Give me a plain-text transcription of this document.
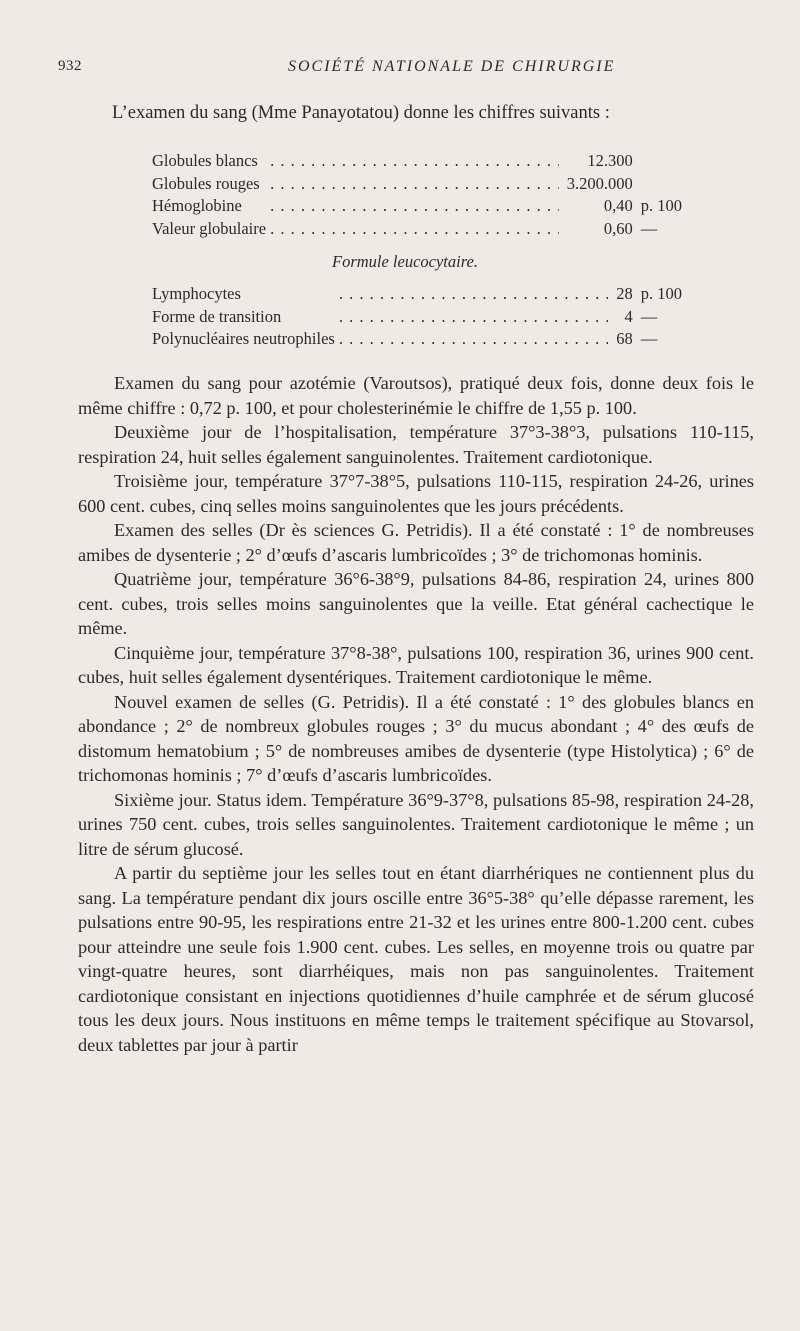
932	SOCIÉTÉ NATIONALE DE CHIRURGIE
L’examen du sang (Mme Panayotatou) donne les chiffres suivants :
Globules blancs	. . .	12.300	
Globules rouges	. . .	3.200.000	
Hémoglobine	. . .	0,40	p. 100
Valeur globulaire	. . .	0,60	—
Formule leucocytaire.
Lymphocytes	. . .	28	p. 100
Forme de transition	. . .	4	—
Polynucléaires neutrophiles	. . .	68	—

Examen du sang pour azotémie (Varoutsos), pratiqué deux fois, donne deux fois le même chiffre : 0,72 p. 100, et pour cholesterinémie le chiffre de 1,55 p. 100.

Deuxième jour de l’hospitalisation, température 37°3-38°3, pulsations 110-115, respiration 24, huit selles également sanguinolentes. Traitement cardiotonique.

Troisième jour, température 37°7-38°5, pulsations 110-115, respiration 24-26, urines 600 cent. cubes, cinq selles moins sanguinolentes que les jours précédents.

Examen des selles (Dr ès sciences G. Petridis). Il a été constaté : 1° de nombreuses amibes de dysenterie ; 2° d’œufs d’ascaris lumbricoïdes ; 3° de trichomonas hominis.

Quatrième jour, température 36°6-38°9, pulsations 84-86, respiration 24, urines 800 cent. cubes, trois selles moins sanguinolentes que la veille. Etat général cachectique le même.

Cinquième jour, température 37°8-38°, pulsations 100, respiration 36, urines 900 cent. cubes, huit selles également dysentériques. Traitement cardiotonique le même.

Nouvel examen de selles (G. Petridis). Il a été constaté : 1° des globules blancs en abondance ; 2° de nombreux globules rouges ; 3° du mucus abondant ; 4° des œufs de distomum hematobium ; 5° de nombreuses amibes de dysenterie (type Histolytica) ; 6° de trichomonas hominis ; 7° d’œufs d’ascaris lumbricoïdes.

Sixième jour. Status idem. Température 36°9-37°8, pulsations 85-98, respiration 24-28, urines 750 cent. cubes, trois selles sanguinolentes. Traitement cardiotonique le même ; un litre de sérum glucosé.

A partir du septième jour les selles tout en étant diarrhériques ne contiennent plus du sang. La température pendant dix jours oscille entre 36°5-38° qu’elle dépasse rarement, les pulsations entre 90-95, les respirations entre 21-32 et les urines entre 800-1.200 cent. cubes pour atteindre une seule fois 1.900 cent. cubes. Les selles, en moyenne trois ou quatre par vingt-quatre heures, sont diarrhéiques, mais non pas sanguinolentes. Traitement cardiotonique consistant en injections quotidiennes d’huile camphrée et de sérum glucosé tous les deux jours. Nous instituons en même temps le traitement spécifique au Stovarsol, deux tablettes par jour à partir
